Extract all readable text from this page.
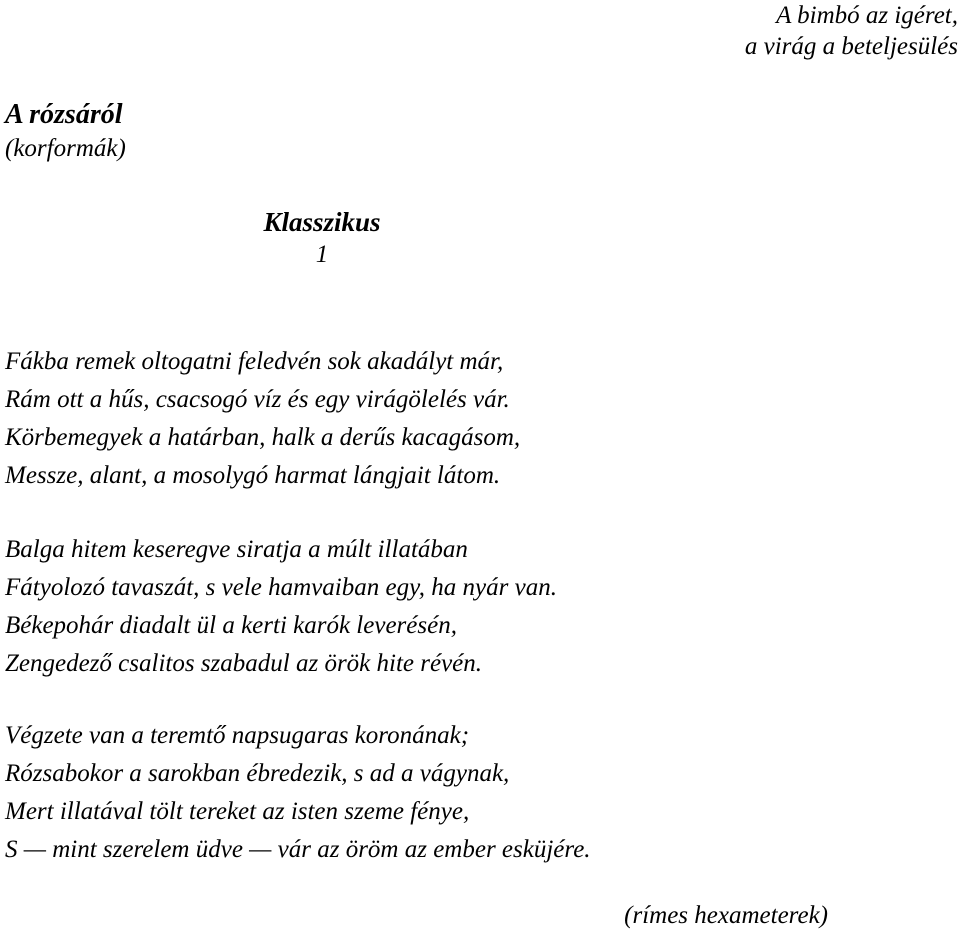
A bimbó az igéret,
a virág a beteljesülés
A rózsáról
(korformák)
Klasszikus
1
Fákba remek oltogatni feledvén sok akadályt már,
Rám ott a hűs, csacsogó víz és egy virágölelés vár.
Körbemegyek a határban, halk a derűs kacagásom,
Messze, alant, a mosolygó harmat lángjait látom.
Balga hitem keseregve siratja a múlt illatában
Fátyolozó tavaszát, s vele hamvaiban egy, ha nyár van.
Békepohár diadalt ül a kerti karók leverésén,
Zengedező csalitos szabadul az örök hite révén.
Végzete van a teremtő napsugaras koronának;
Rózsabokor a sarokban ébredezik, s ad a vágynak,
Mert illatával tölt tereket az isten szeme fénye,
S — mint szerelem üdve — vár az öröm az ember esküjére.
(rímes hexameterek)
